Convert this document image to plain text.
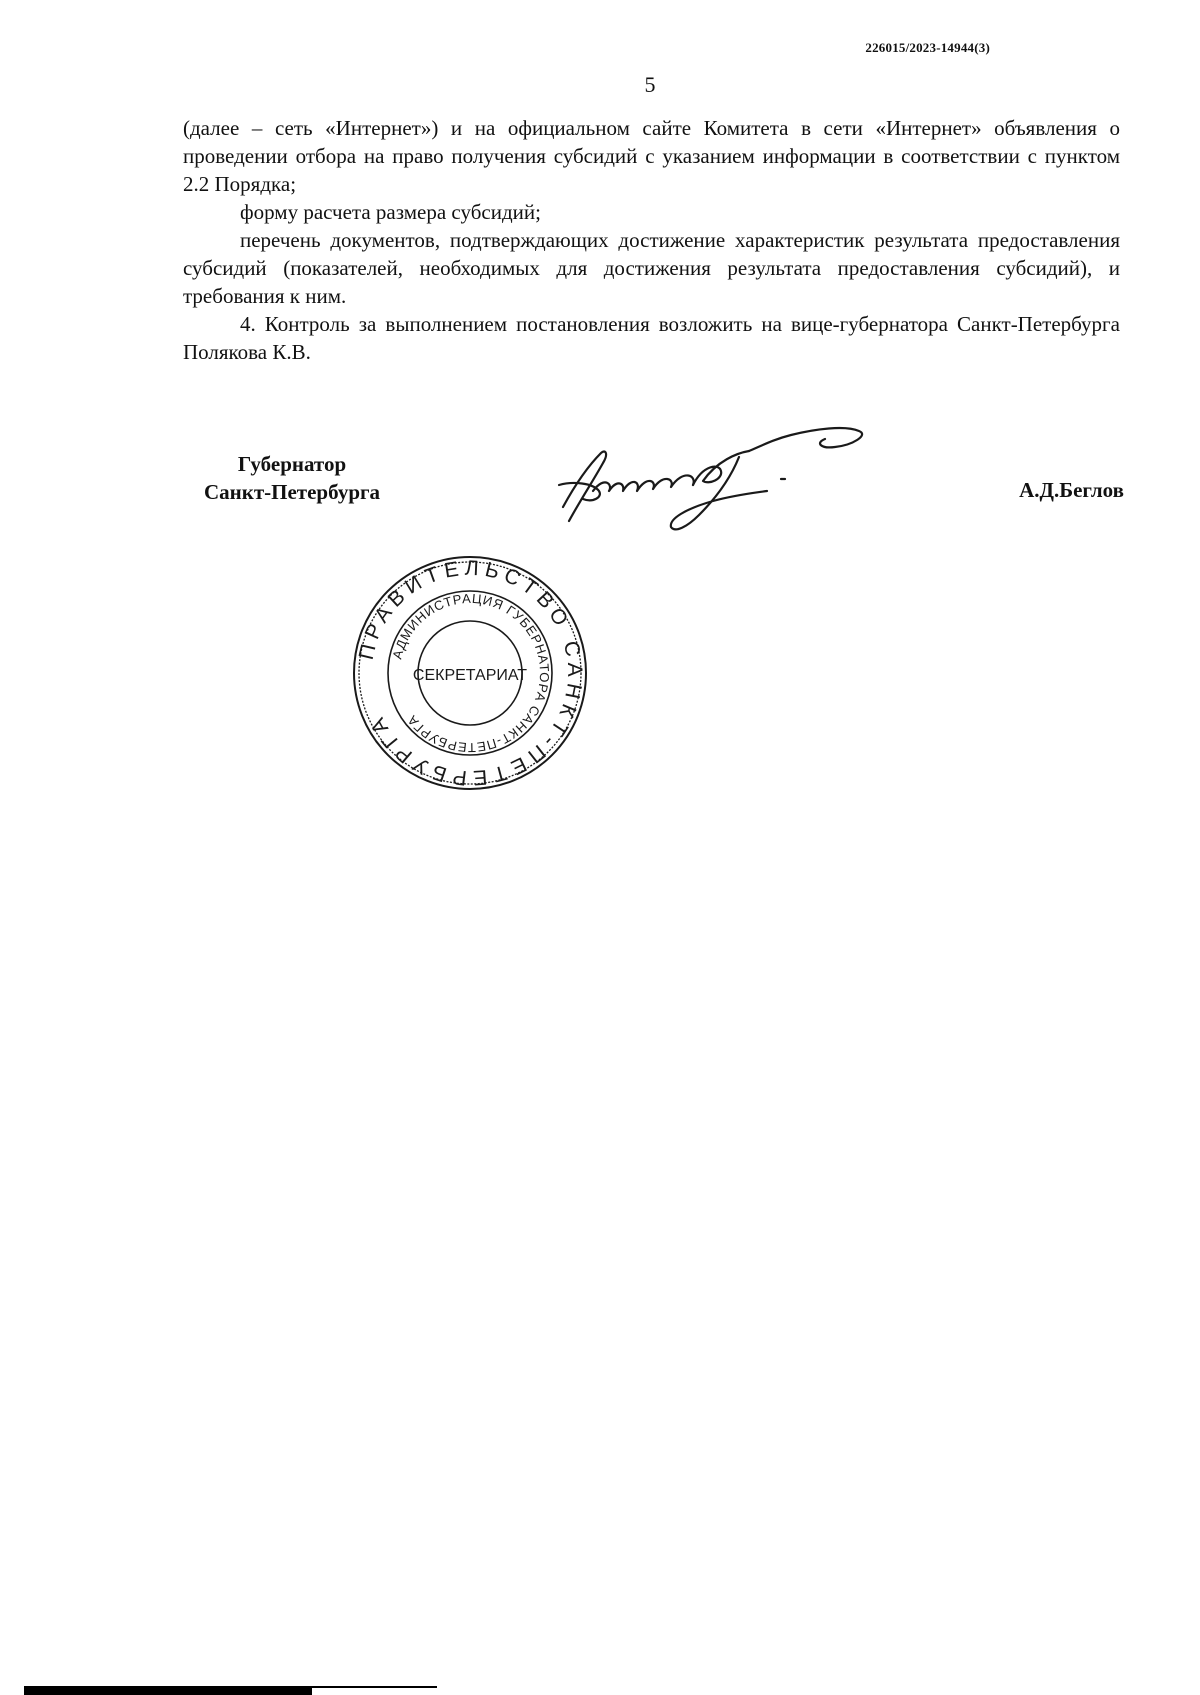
226015/2023-14944(3)
5

(далее – сеть «Интернет») и на официальном сайте Комитета в сети «Интернет» объявления о проведении отбора на право получения субсидий с указанием информации в соответствии с пунктом 2.2 Порядка;

форму расчета размера субсидий;

перечень документов, подтверждающих достижение характеристик результата предоставления субсидий (показателей, необходимых для достижения результата предоставления субсидий), и требования к ним.

4. Контроль за выполнением постановления возложить на вице-губернатора Санкт-Петербурга Полякова К.В.

Губернатор
Санкт-Петербурга	А.Д.Беглов
ПРАВИТЕЛЬСТВО САНКТ-ПЕТЕРБУРГА
АДМИНИСТРАЦИЯ ГУБЕРНАТОРА САНКТ-ПЕТЕРБУРГА
СЕКРЕТАРИАТ
